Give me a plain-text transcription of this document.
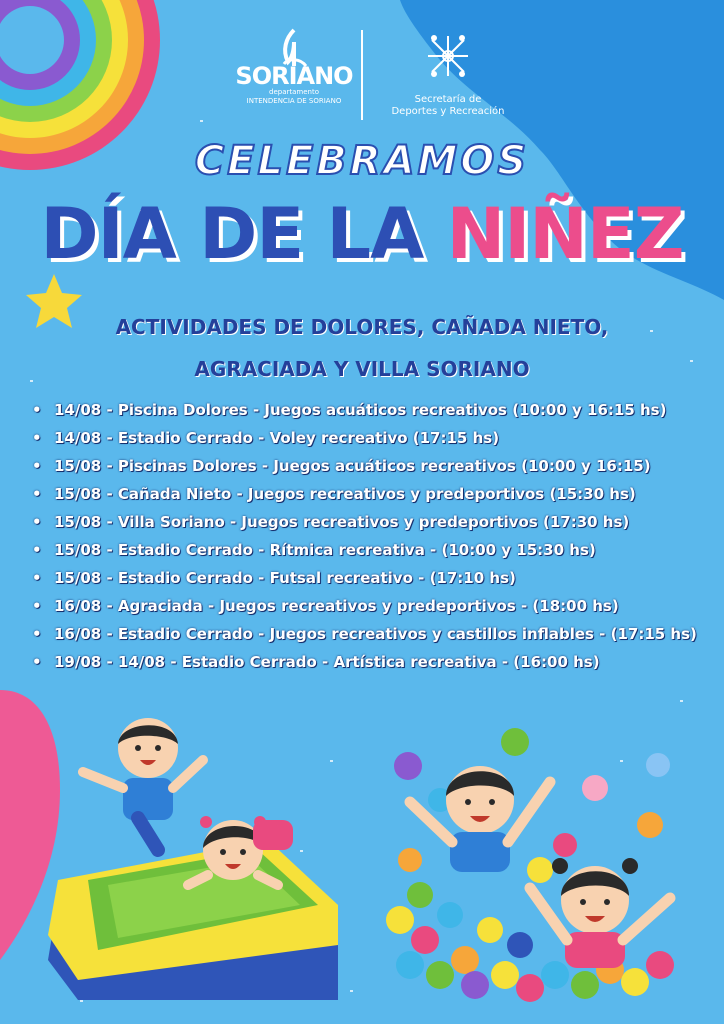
SORIANO
departamento
INTENDENCIA DE SORIANO	Secretaría de
Deportes y Recreación
CELEBRAMOS
DÍA DE LA NIÑEZ
ACTIVIDADES DE DOLORES, CAÑADA NIETO,
AGRACIADA Y VILLA SORIANO
• 14/08 - Piscina Dolores - Juegos acuáticos recreativos (10:00 y 16:15 hs)
• 14/08 - Estadio Cerrado - Voley recreativo (17:15 hs)
• 15/08 - Piscinas Dolores - Juegos acuáticos recreativos (10:00 y 16:15)
• 15/08 - Cañada Nieto - Juegos recreativos y predeportivos (15:30 hs)
• 15/08 - Villa Soriano - Juegos recreativos y predeportivos (17:30 hs)
• 15/08 - Estadio Cerrado - Rítmica recreativa - (10:00 y 15:30 hs)
• 15/08 - Estadio Cerrado - Futsal recreativo - (17:10 hs)
• 16/08 - Agraciada - Juegos recreativos y predeportivos - (18:00 hs)
• 16/08 - Estadio Cerrado - Juegos recreativos y castillos inflables - (17:15 hs)
• 19/08 - 14/08 - Estadio Cerrado - Artística recreativa - (16:00 hs)
